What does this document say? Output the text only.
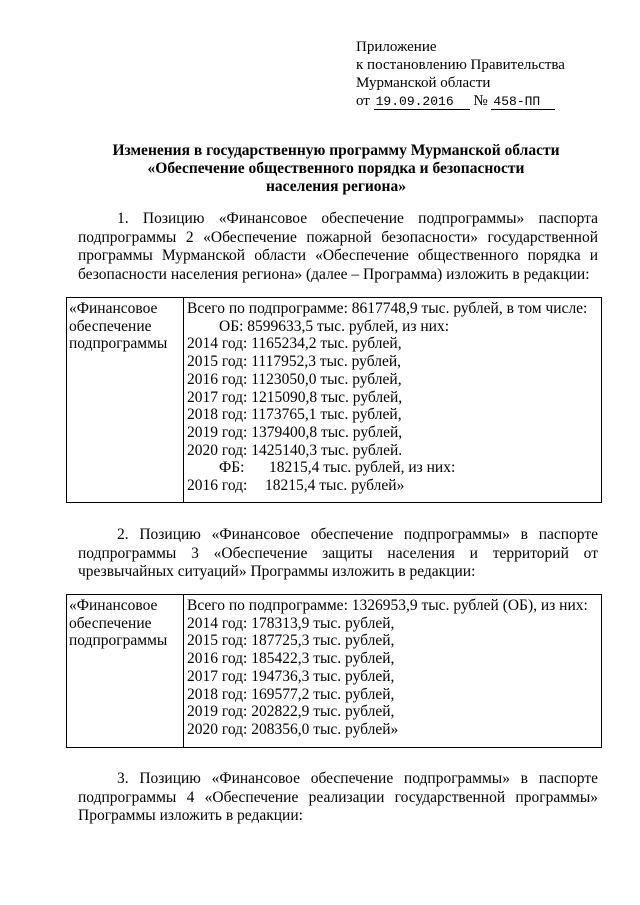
Приложение
к постановлению Правительства
Мурманской области
от 19.09.2016 № 458-ПП
Изменения в государственную программу Мурманской области
«Обеспечение общественного порядка и безопасности
населения региона»
1. Позицию «Финансовое обеспечение подпрограммы» паспорта подпрограммы 2 «Обеспечение пожарной безопасности» государственной программы Мурманской области «Обеспечение общественного порядка и безопасности населения региона» (далее – Программа) изложить в редакции:
«Финансовое
обеспечение
подпрограммы
Всего по подпрограмме: 8617748,9 тыс. рублей, в том числе:
ОБ: 8599633,5 тыс. рублей, из них:
2014 год: 1165234,2 тыс. рублей,
2015 год: 1117952,3 тыс. рублей,
2016 год: 1123050,0 тыс. рублей,
2017 год: 1215090,8 тыс. рублей,
2018 год: 1173765,1 тыс. рублей,
2019 год: 1379400,8 тыс. рублей,
2020 год: 1425140,3 тыс. рублей.
ФБ: 18215,4 тыс. рублей, из них:
2016 год: 18215,4 тыс. рублей»
2. Позицию «Финансовое обеспечение подпрограммы» в паспорте подпрограммы 3 «Обеспечение защиты населения и территорий от чрезвычайных ситуаций» Программы изложить в редакции:
«Финансовое
обеспечение
подпрограммы
Всего по подпрограмме: 1326953,9 тыс. рублей (ОБ), из них:
2014 год: 178313,9 тыс. рублей,
2015 год: 187725,3 тыс. рублей,
2016 год: 185422,3 тыс. рублей,
2017 год: 194736,3 тыс. рублей,
2018 год: 169577,2 тыс. рублей,
2019 год: 202822,9 тыс. рублей,
2020 год: 208356,0 тыс. рублей»
3. Позицию «Финансовое обеспечение подпрограммы» в паспорте подпрограммы 4 «Обеспечение реализации государственной программы» Программы изложить в редакции:
